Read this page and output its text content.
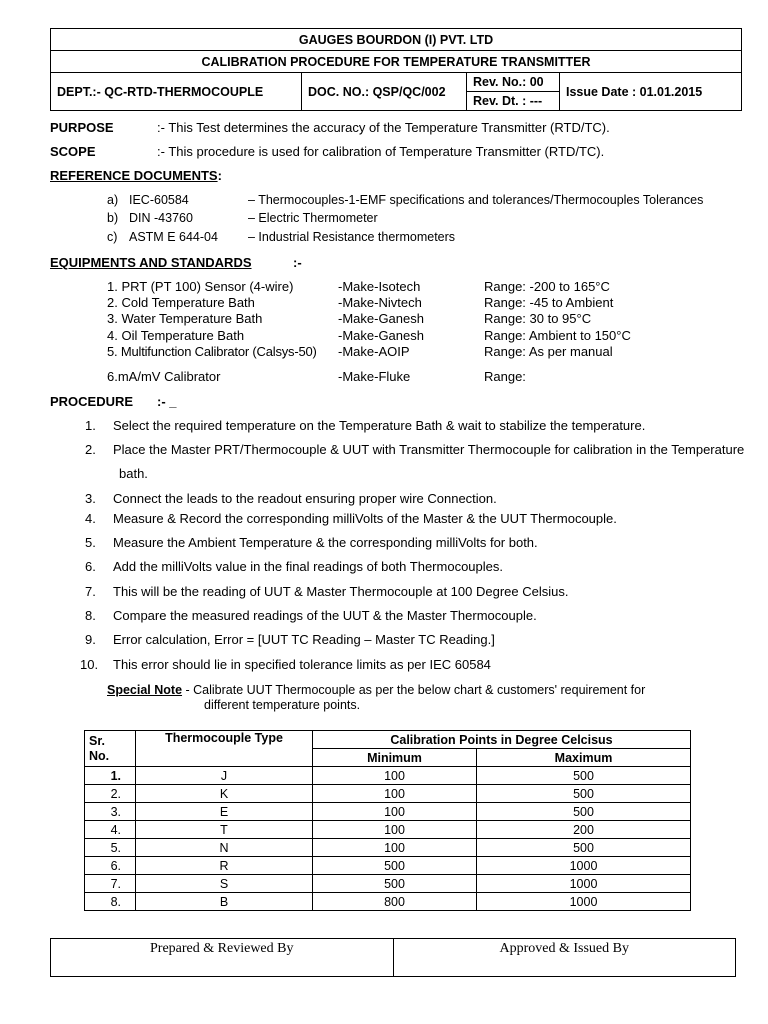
GAUGES BOURDON (I) PVT. LTD
CALIBRATION PROCEDURE FOR TEMPERATURE TRANSMITTER
DEPT.:- QC-RTD-THERMOCOUPLE	DOC. NO.: QSP/QC/002	Rev. No.: 00	Issue Date : 01.01.2015
Rev. Dt. : ---
PURPOSE	:- This Test determines the accuracy of the Temperature Transmitter (RTD/TC).
SCOPE	:- This procedure is used for calibration of Temperature Transmitter (RTD/TC).
REFERENCE DOCUMENTS:
a) IEC-60584	– Thermocouples-1-EMF specifications and tolerances/Thermocouples Tolerances
b) DIN -43760	– Electric Thermometer
c) ASTM E 644-04 – Industrial Resistance thermometers
EQUIPMENTS AND STANDARDS	:-
1. PRT (PT 100) Sensor (4-wire)	-Make-Isotech	Range: -200 to 165°C
2. Cold Temperature Bath	-Make-Nivtech	Range: -45 to Ambient
3. Water Temperature Bath	-Make-Ganesh	Range: 30 to 95°C
4. Oil Temperature Bath	-Make-Ganesh	Range: Ambient to 150°C
5. Multifunction Calibrator (Calsys-50) -Make-AOIP	Range: As per manual
6.mA/mV Calibrator	-Make-Fluke	Range:
PROCEDURE :- _
1. Select the required temperature on the Temperature Bath & wait to stabilize the temperature.
2. Place the Master PRT/Thermocouple & UUT with Transmitter Thermocouple for calibration in the Temperature
bath.
3. Connect the leads to the readout ensuring proper wire Connection.
4. Measure & Record the corresponding milliVolts of the Master & the UUT Thermocouple.
5. Measure the Ambient Temperature & the corresponding milliVolts for both.
6. Add the milliVolts value in the final readings of both Thermocouples.
7. This will be the reading of UUT & Master Thermocouple at 100 Degree Celsius.
8. Compare the measured readings of the UUT & the Master Thermocouple.
9. Error calculation, Error = [UUT TC Reading – Master TC Reading.]
10. This error should lie in specified tolerance limits as per IEC 60584
Special Note - Calibrate UUT Thermocouple as per the below chart & customers' requirement for
different temperature points.
Sr.
No.	Thermocouple Type	Calibration Points in Degree Celcisus	
		Minimum	Maximum
1.	J	100	500
2.	K	100	500
3.	E	100	500
4.	T	100	200
5.	N	100	500
6.	R	500	1000
7.	S	500	1000
8.	B	800	1000
Prepared & Reviewed By	Approved & Issued By
